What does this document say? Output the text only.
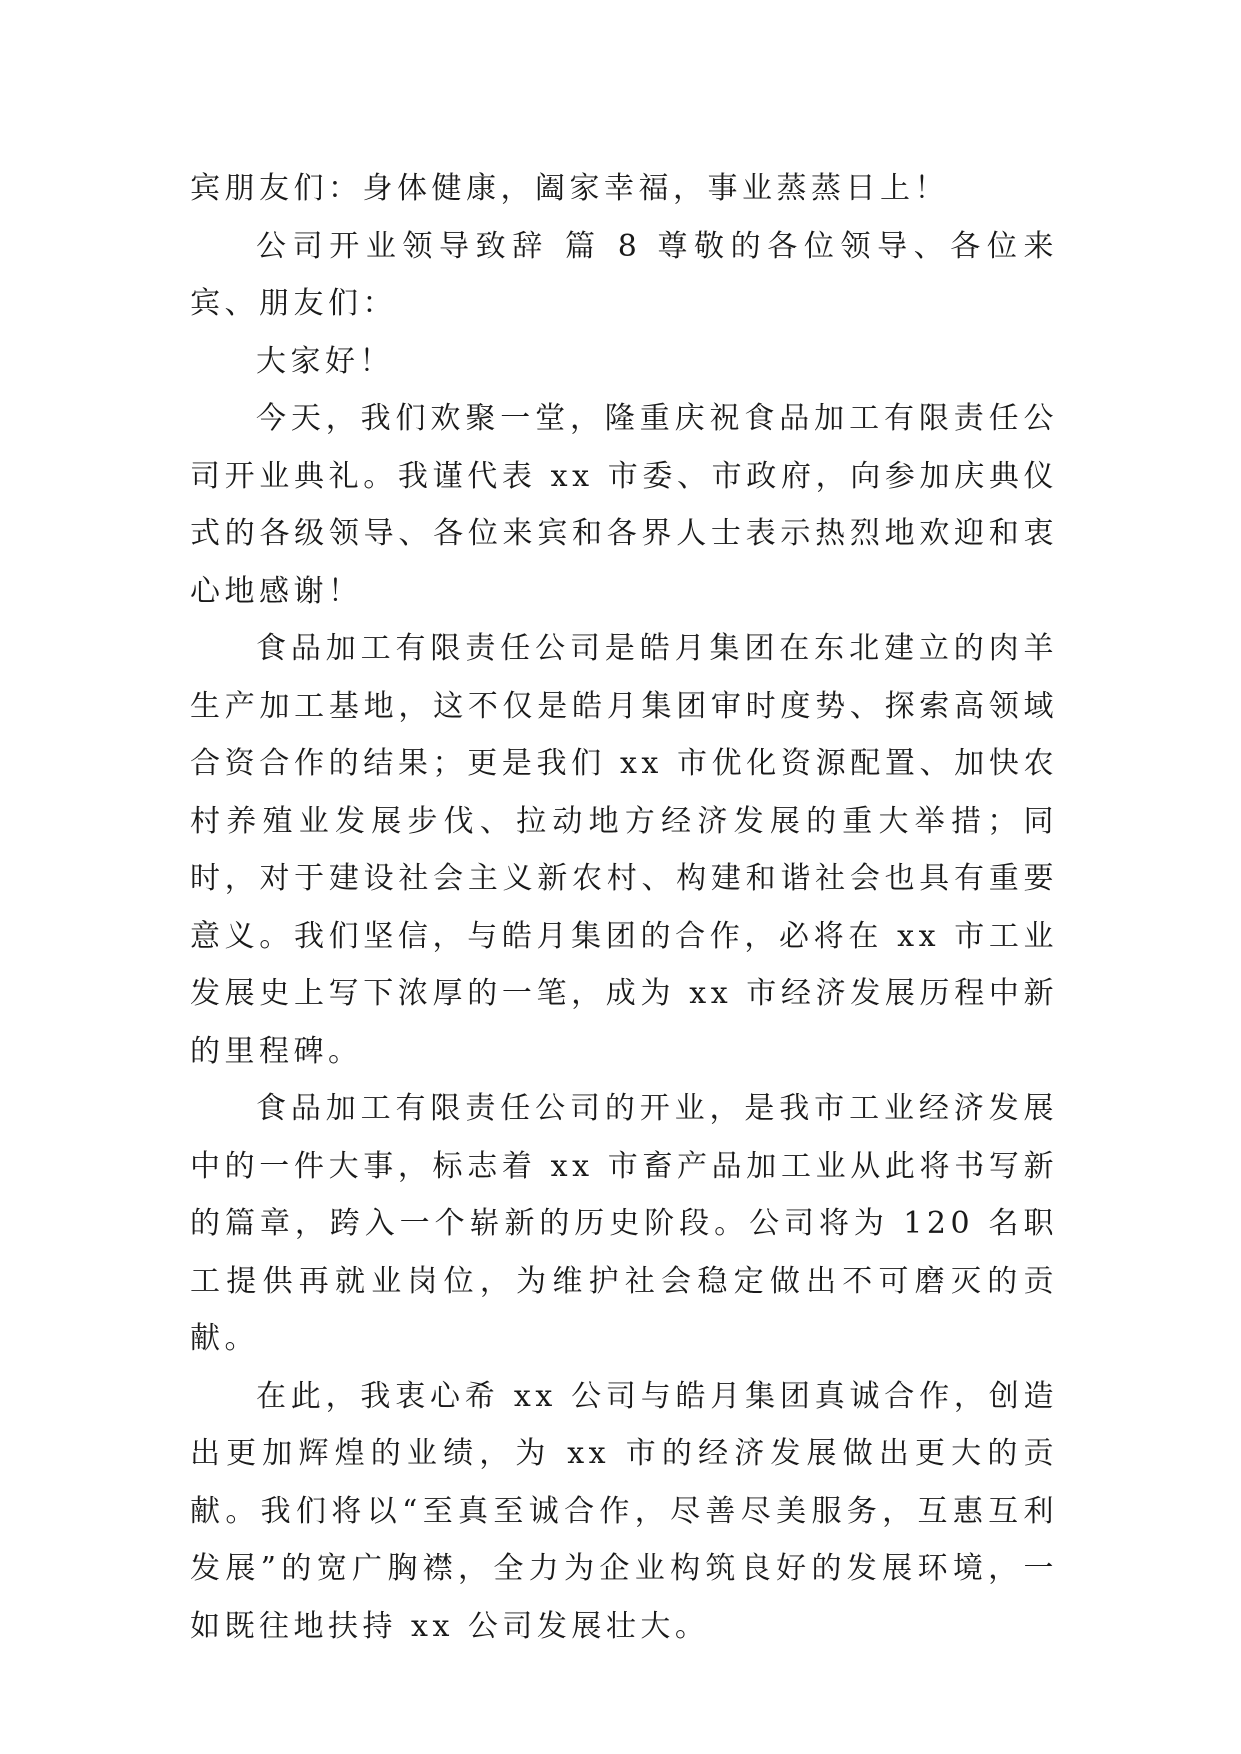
宾朋友们：身体健康，阖家幸福，事业蒸蒸日上！

公司开业领导致辞 篇 8 尊敬的各位领导、各位来宾、朋友们：

大家好！

今天，我们欢聚一堂，隆重庆祝食品加工有限责任公司开业典礼。我谨代表 xx 市委、市政府，向参加庆典仪式的各级领导、各位来宾和各界人士表示热烈地欢迎和衷心地感谢！

食品加工有限责任公司是皓月集团在东北建立的肉羊生产加工基地，这不仅是皓月集团审时度势、探索高领域合资合作的结果；更是我们 xx 市优化资源配置、加快农村养殖业发展步伐、拉动地方经济发展的重大举措；同时，对于建设社会主义新农村、构建和谐社会也具有重要意义。我们坚信，与皓月集团的合作，必将在 xx 市工业发展史上写下浓厚的一笔，成为 xx 市经济发展历程中新的里程碑。

食品加工有限责任公司的开业，是我市工业经济发展中的一件大事，标志着 xx 市畜产品加工业从此将书写新的篇章，跨入一个崭新的历史阶段。公司将为 120 名职工提供再就业岗位，为维护社会稳定做出不可磨灭的贡献。

在此，我衷心希 xx 公司与皓月集团真诚合作，创造出更加辉煌的业绩，为 xx 市的经济发展做出更大的贡献。我们将以“至真至诚合作，尽善尽美服务，互惠互利发展”的宽广胸襟，全力为企业构筑良好的发展环境，一如既往地扶持 xx 公司发展壮大。
